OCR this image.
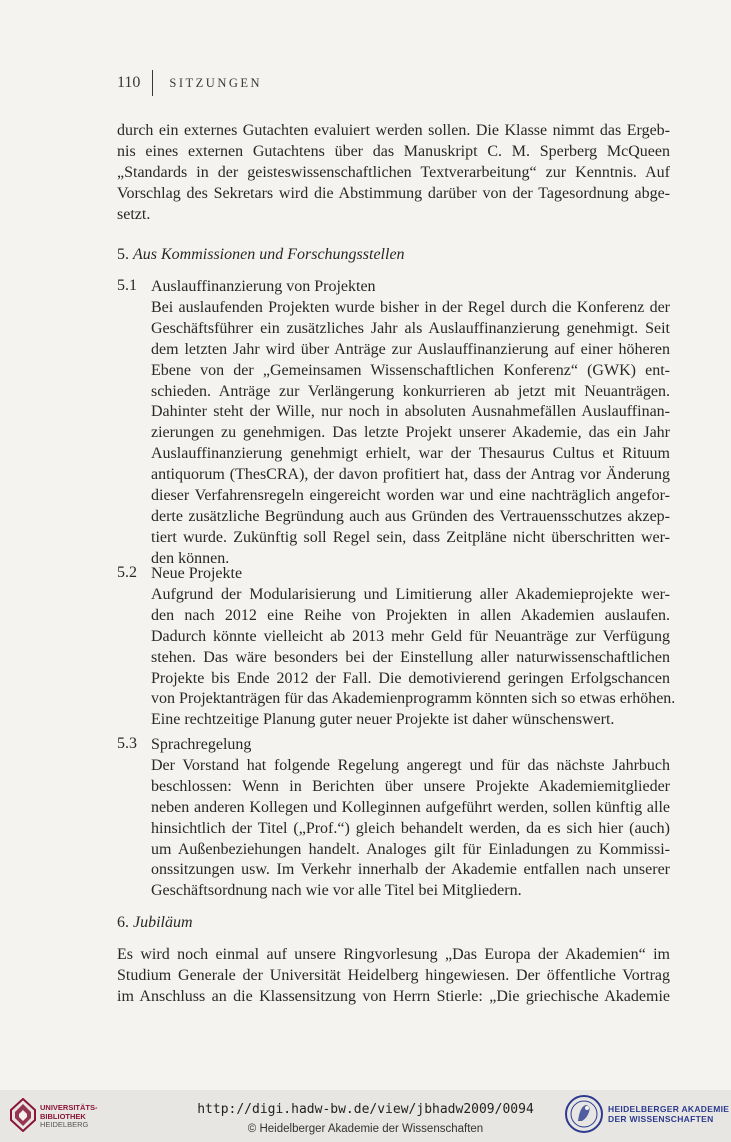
110 SITZUNGEN
durch ein externes Gutachten evaluiert werden sollen. Die Klasse nimmt das Ergeb-
nis eines externen Gutachtens über das Manuskript C. M. Sperberg McQueen
„Standards in der geisteswissenschaftlichen Textverarbeitung“ zur Kenntnis. Auf
Vorschlag des Sekretars wird die Abstimmung darüber von der Tagesordnung abge-
setzt.
5. Aus Kommissionen und Forschungsstellen
5.1 Auslauffinanzierung von Projekten
Bei auslaufenden Projekten wurde bisher in der Regel durch die Konferenz der
Geschäftsführer ein zusätzliches Jahr als Auslauffinanzierung genehmigt. Seit
dem letzten Jahr wird über Anträge zur Auslauffinanzierung auf einer höheren
Ebene von der „Gemeinsamen Wissenschaftlichen Konferenz“ (GWK) ent-
schieden. Anträge zur Verlängerung konkurrieren ab jetzt mit Neuanträgen.
Dahinter steht der Wille, nur noch in absoluten Ausnahmefällen Auslauffinan-
zierungen zu genehmigen. Das letzte Projekt unserer Akademie, das ein Jahr
Auslauffinanzierung genehmigt erhielt, war der Thesaurus Cultus et Rituum
antiquorum (ThesCRA), der davon profitiert hat, dass der Antrag vor Änderung
dieser Verfahrensregeln eingereicht worden war und eine nachträglich angefor-
derte zusätzliche Begründung auch aus Gründen des Vertrauensschutzes akzep-
tiert wurde. Zukünftig soll Regel sein, dass Zeitpläne nicht überschritten wer-
den können.
5.2 Neue Projekte
Aufgrund der Modularisierung und Limitierung aller Akademieprojekte wer-
den nach 2012 eine Reihe von Projekten in allen Akademien auslaufen.
Dadurch könnte vielleicht ab 2013 mehr Geld für Neuanträge zur Verfügung
stehen. Das wäre besonders bei der Einstellung aller naturwissenschaftlichen
Projekte bis Ende 2012 der Fall. Die demotivierend geringen Erfolgschancen
von Projektanträgen für das Akademienprogramm könnten sich so etwas erhöhen.
Eine rechtzeitige Planung guter neuer Projekte ist daher wünschenswert.
5.3 Sprachregelung
Der Vorstand hat folgende Regelung angeregt und für das nächste Jahrbuch
beschlossen: Wenn in Berichten über unsere Projekte Akademiemitglieder
neben anderen Kollegen und Kolleginnen aufgeführt werden, sollen künftig alle
hinsichtlich der Titel („Prof.“) gleich behandelt werden, da es sich hier (auch)
um Außenbeziehungen handelt. Analoges gilt für Einladungen zu Kommissi-
onssitzungen usw. Im Verkehr innerhalb der Akademie entfallen nach unserer
Geschäftsordnung nach wie vor alle Titel bei Mitgliedern.
6. Jubiläum
Es wird noch einmal auf unsere Ringvorlesung „Das Europa der Akademien“ im
Studium Generale der Universität Heidelberg hingewiesen. Der öffentliche Vortrag
im Anschluss an die Klassensitzung von Herrn Stierle: „Die griechische Akademie
UNIVERSITÄTS-
BIBLIOTHEK
HEIDELBERG
http://digi.hadw-bw.de/view/jbhadw2009/0094
© Heidelberger Akademie der Wissenschaften
HEIDELBERGER AKADEMIE
DER WISSENSCHAFTEN
